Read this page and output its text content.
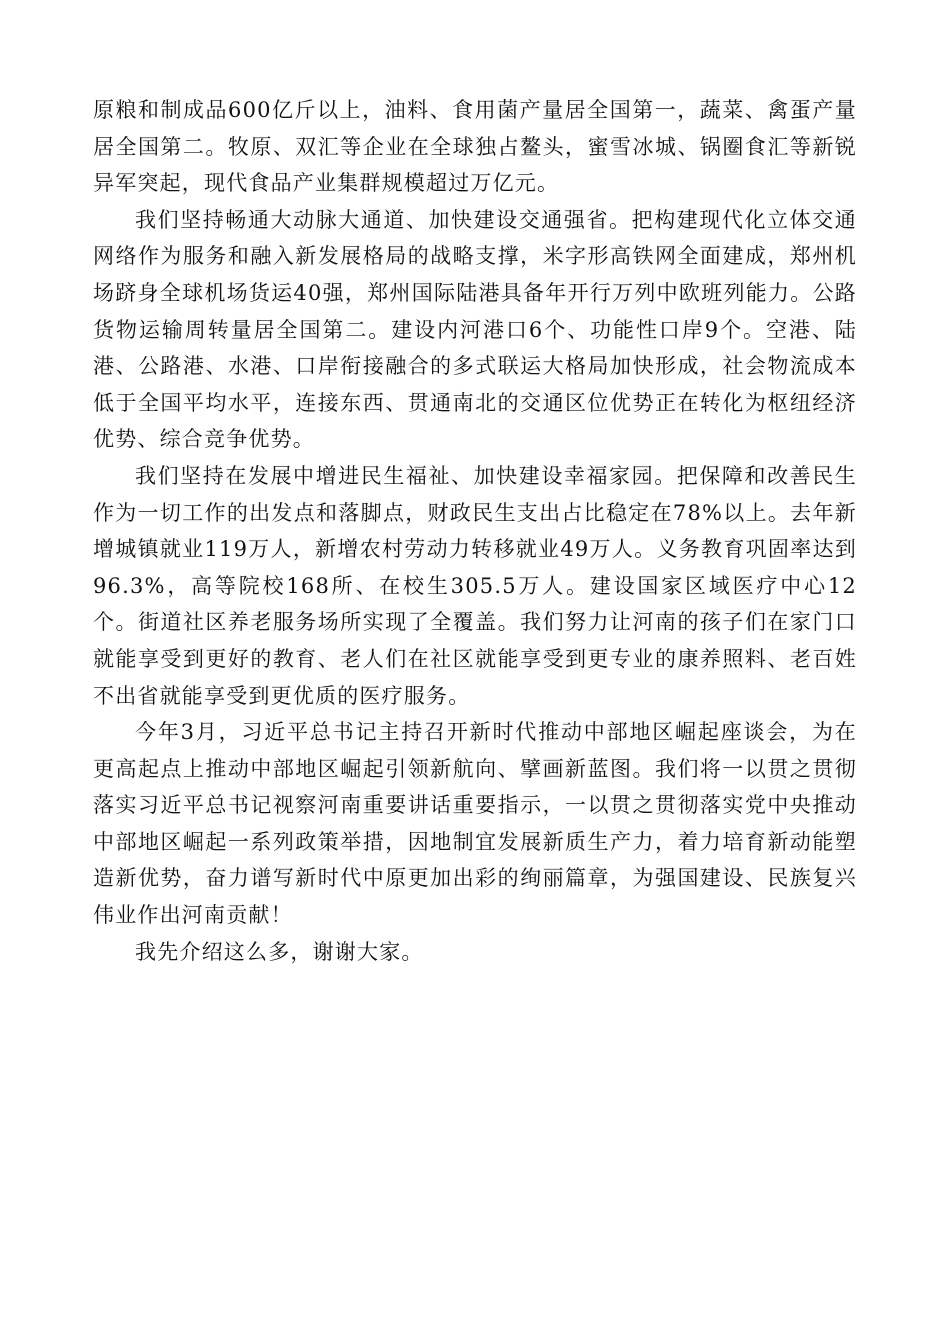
原粮和制成品600亿斤以上，油料、食用菌产量居全国第一，蔬菜、禽蛋产量居全国第二。牧原、双汇等企业在全球独占鳌头，蜜雪冰城、锅圈食汇等新锐异军突起，现代食品产业集群规模超过万亿元。

我们坚持畅通大动脉大通道、加快建设交通强省。把构建现代化立体交通网络作为服务和融入新发展格局的战略支撑，米字形高铁网全面建成，郑州机场跻身全球机场货运40强，郑州国际陆港具备年开行万列中欧班列能力。公路货物运输周转量居全国第二。建设内河港口6个、功能性口岸9个。空港、陆港、公路港、水港、口岸衔接融合的多式联运大格局加快形成，社会物流成本低于全国平均水平，连接东西、贯通南北的交通区位优势正在转化为枢纽经济优势、综合竞争优势。

我们坚持在发展中增进民生福祉、加快建设幸福家园。把保障和改善民生作为一切工作的出发点和落脚点，财政民生支出占比稳定在78%以上。去年新增城镇就业119万人，新增农村劳动力转移就业49万人。义务教育巩固率达到96.3%，高等院校168所、在校生305.5万人。建设国家区域医疗中心12个。街道社区养老服务场所实现了全覆盖。我们努力让河南的孩子们在家门口就能享受到更好的教育、老人们在社区就能享受到更专业的康养照料、老百姓不出省就能享受到更优质的医疗服务。

今年3月，习近平总书记主持召开新时代推动中部地区崛起座谈会，为在更高起点上推动中部地区崛起引领新航向、擘画新蓝图。我们将一以贯之贯彻落实习近平总书记视察河南重要讲话重要指示，一以贯之贯彻落实党中央推动中部地区崛起一系列政策举措，因地制宜发展新质生产力，着力培育新动能塑造新优势，奋力谱写新时代中原更加出彩的绚丽篇章，为强国建设、民族复兴伟业作出河南贡献！

我先介绍这么多，谢谢大家。
